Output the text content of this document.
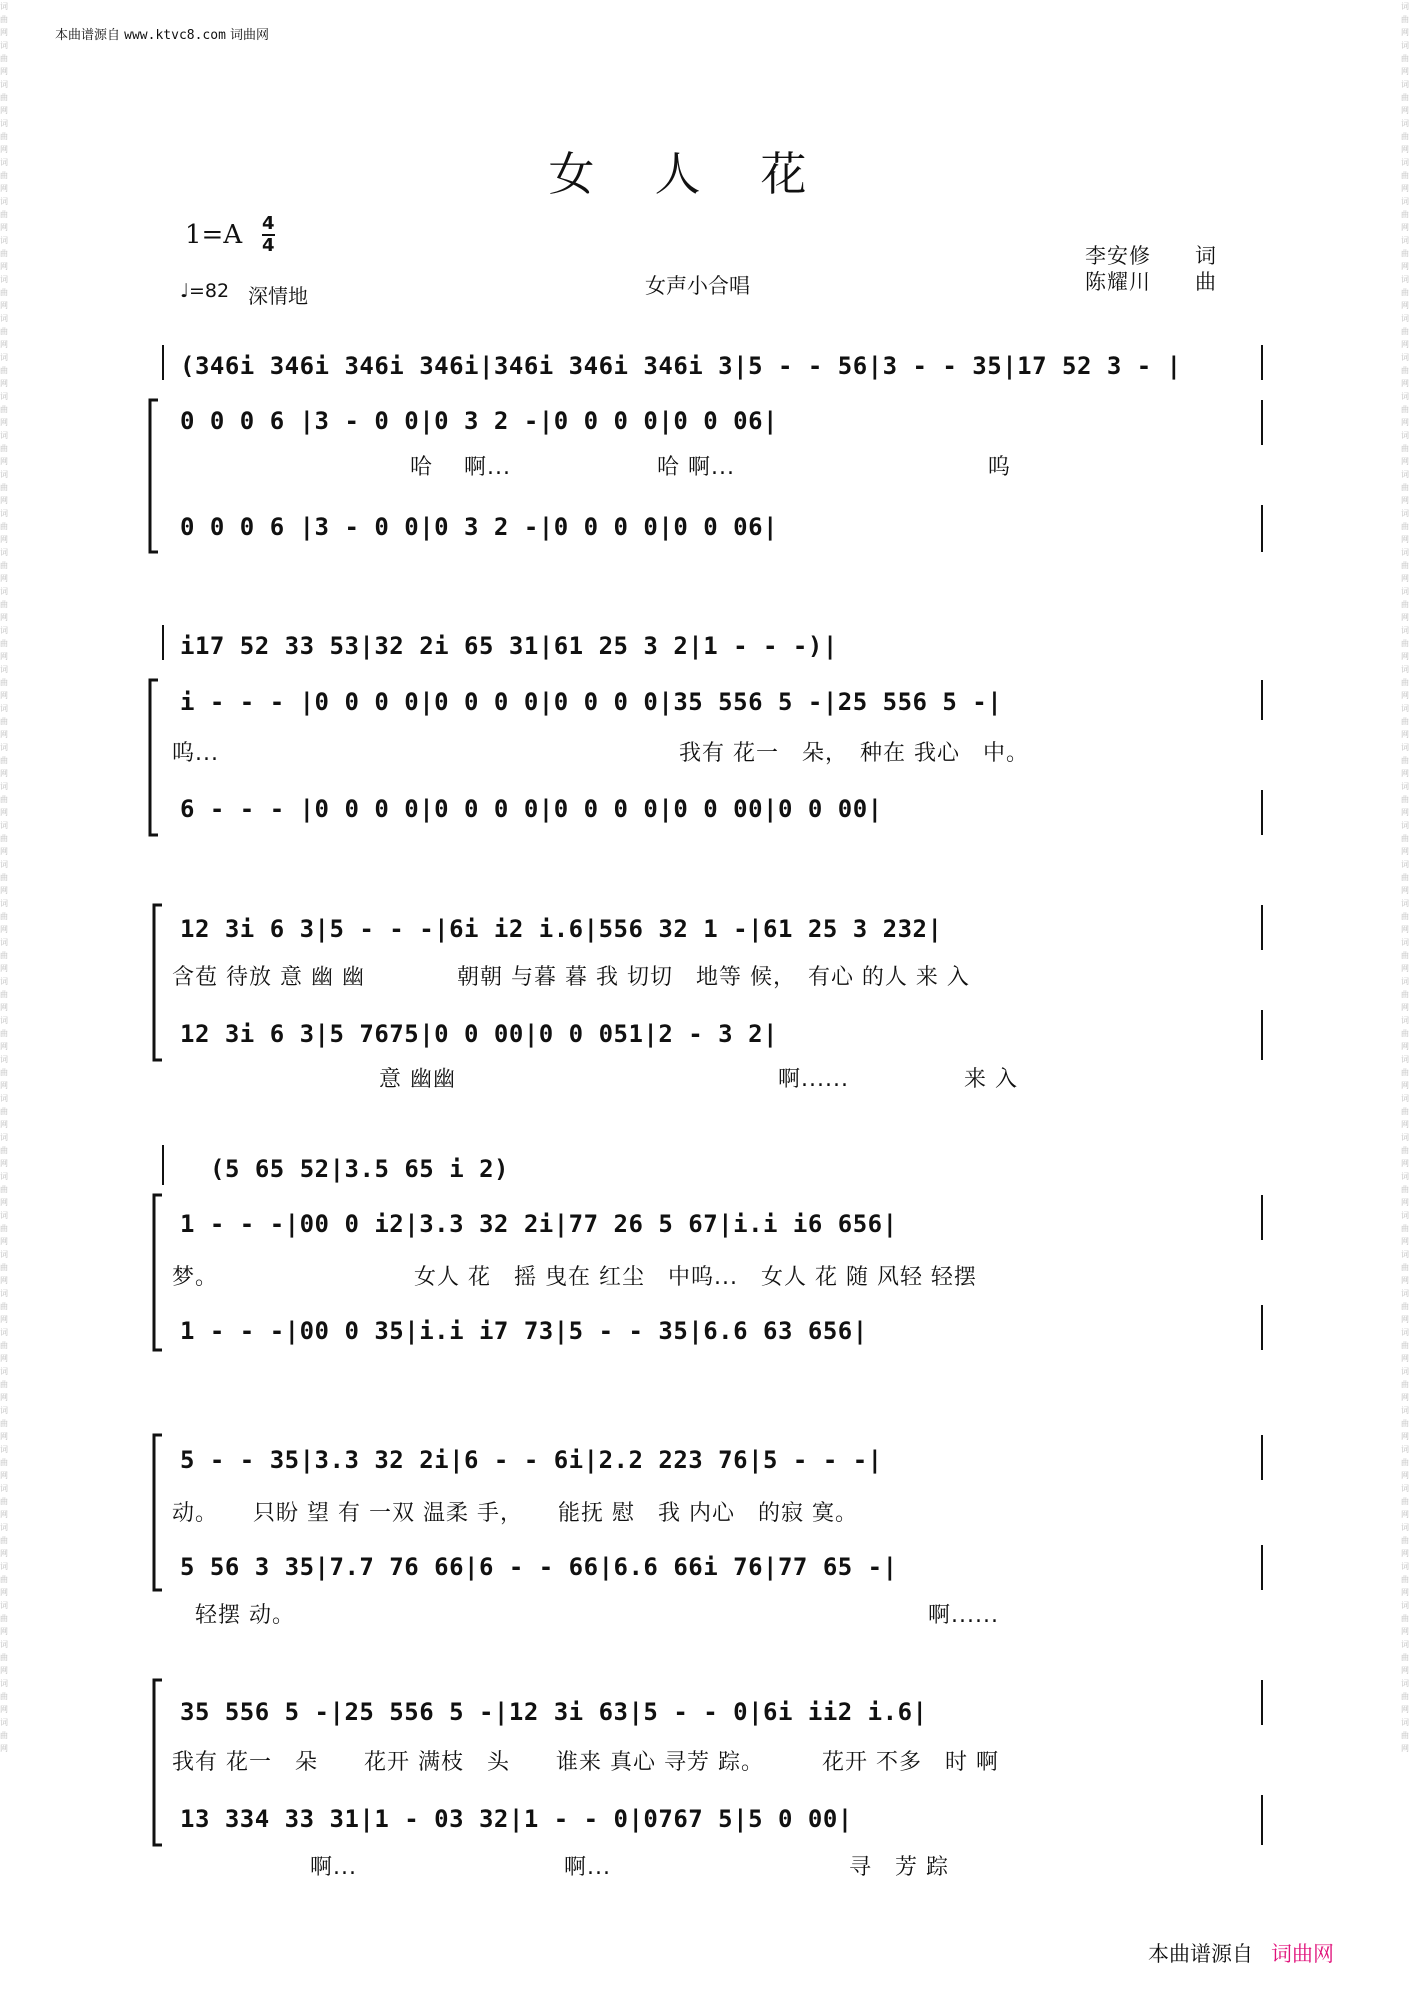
词曲网词曲网词曲网词曲网词曲网词曲网词曲网词曲网词曲网词曲网词曲网词曲网词曲网词曲网词曲网词曲网词曲网词曲网词曲网词曲网词曲网词曲网词曲网词曲网词曲网词曲网词曲网词曲网词曲网词曲网词曲网词曲网词曲网词曲网词曲网词曲网词曲网词曲网词曲网词曲网词曲网词曲网词曲网词曲网词曲网
词曲网词曲网词曲网词曲网词曲网词曲网词曲网词曲网词曲网词曲网词曲网词曲网词曲网词曲网词曲网词曲网词曲网词曲网词曲网词曲网词曲网词曲网词曲网词曲网词曲网词曲网词曲网词曲网词曲网词曲网词曲网词曲网词曲网词曲网词曲网词曲网词曲网词曲网词曲网词曲网词曲网词曲网词曲网词曲网词曲网
本曲谱源自 www.ktvc8.com 词曲网
女人花
1=A 4
4
♩=82 深情地	女声小合唱
李安修　　词
陈耀川　　曲
(346i 346i 346i 346i|346i 346i 346i 3|5 - - 56|3 - - 35|17 52 3 - |
0 0 0 6 |3 - 0 0|0 3 2 -|0 0 0 0|0 0 06|
　　　　　　　　　　 哈　 啊...　　　　　　 哈 啊...　　　　　　　　　　　呜
0 0 0 6 |3 - 0 0|0 3 2 -|0 0 0 0|0 0 06|
i17 52 33 53|32 2i 65 31|61 25 3 2|1 - - -)|
i - - - |0 0 0 0|0 0 0 0|0 0 0 0|35 556 5 -|25 556 5 -|
呜...　　　　　　　　　　　　　　　　　　　　我有 花一　朵，　种在 我心　中。
6 - - - |0 0 0 0|0 0 0 0|0 0 0 0|0 0 00|0 0 00|
12 3i 6 3|5 - - -|6i i2 i.6|556 32 1 -|61 25 3 232|
含苞 待放 意 幽 幽　　　　朝朝 与暮 暮 我 切切　地等 候，　有心 的人 来 入
12 3i 6 3|5 7675|0 0 00|0 0 051|2 - 3 2|
　　　　　　　　　意 幽幽　　　　　　　　　　　　　　啊......　　　　　来 入
(5 65 52|3.5 65 i 2)
1 - - -|00 0 i2|3.3 32 2i|77 26 5 67|i.i i6 656|
梦。　　　　　　　　　女人 花　摇 曳在 红尘　中呜...　女人 花 随 风轻 轻摆
1 - - -|00 0 35|i.i i7 73|5 - - 35|6.6 63 656|
5 - - 35|3.3 32 2i|6 - - 6i|2.2 223 76|5 - - -|
动。　　只盼 望 有 一双 温柔 手，　　能抚 慰　我 内心　的寂 寞。
5 56 3 35|7.7 76 66|6 - - 66|6.6 66i 76|77 65 -|
　轻摆 动。　　　　　　　　　　　　　　　　　　　　　　　　　　　　啊......
35 556 5 -|25 556 5 -|12 3i 63|5 - - 0|6i ii2 i.6|
我有 花一　朵　　花开 满枝　头　　谁来 真心 寻芳 踪。　　　花开 不多　时 啊
13 334 33 31|1 - 03 32|1 - - 0|0767 5|5 0 00|
　　　　　　啊...　　　　　　　　　啊...　　　　　　　　　　 寻　芳 踪
本曲谱源自 词曲网
